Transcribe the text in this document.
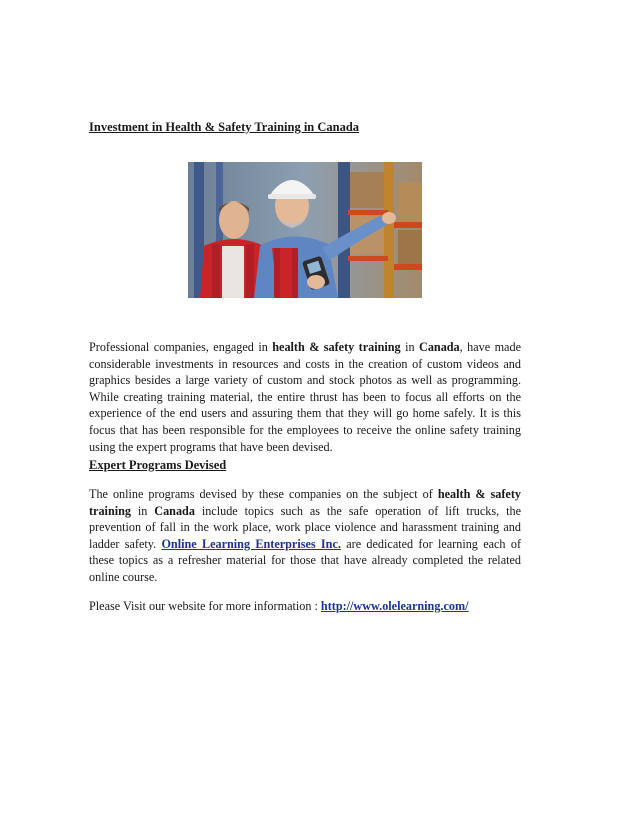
Investment in Health & Safety Training in Canada

Professional companies, engaged in health & safety training in Canada, have made considerable investments in resources and costs in the creation of custom videos and graphics besides a large variety of custom and stock photos as well as programming. While creating training material, the entire thrust has been to focus all efforts on the experience of the end users and assuring them that they will go home safely. It is this focus that has been responsible for the employees to receive the online safety training using the expert programs that have been devised.

Expert Programs Devised

The online programs devised by these companies on the subject of health & safety training in Canada include topics such as the safe operation of lift trucks, the prevention of fall in the work place, work place violence and harassment training and ladder safety. Online Learning Enterprises Inc. are dedicated for learning each of these topics as a refresher material for those that have already completed the related online course.

Please Visit our website for more information : http://www.olelearning.com/
